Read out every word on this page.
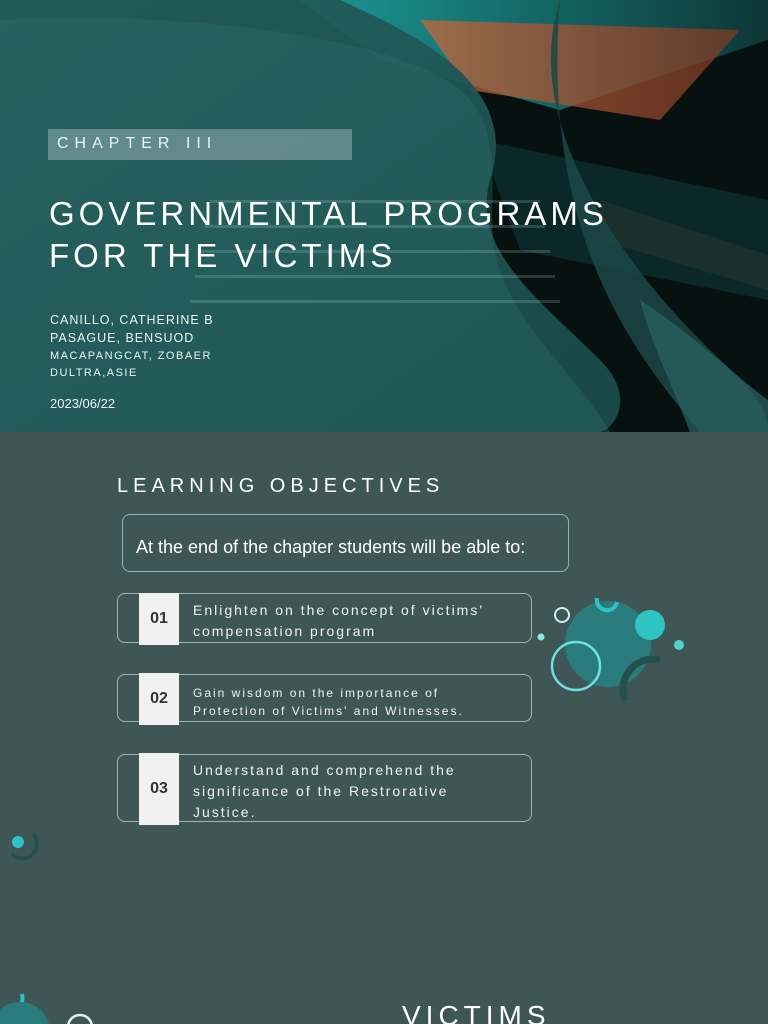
CHAPTER III
GOVERNMENTAL PROGRAMS
FOR THE VICTIMS
CANILLO, CATHERINE B
PASAGUE, BENSUOD
MACAPANGCAT, ZOBAER
DULTRA,ASIE
2023/06/22
LEARNING OBJECTIVES
At the end of the chapter students will be able to:
01	Enlighten on the concept of victims'
compensation program
02	Gain wisdom on the importance of
Protection of Victims' and Witnesses.
03
Understand and comprehend the
significance of the Restrorative
Justice.
VICTIMS
